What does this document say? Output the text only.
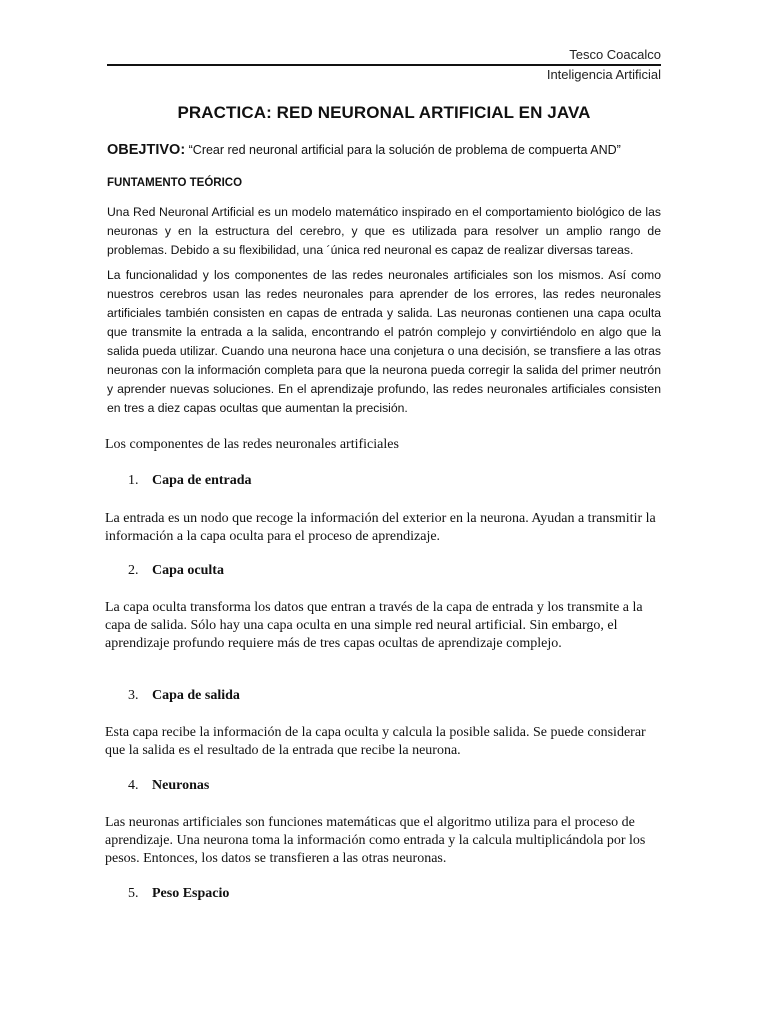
Tesco Coacalco
Inteligencia Artificial
PRACTICA: RED NEURONAL ARTIFICIAL EN JAVA
OBEJTIVO: “Crear red neuronal artificial para la solución de problema de compuerta AND”
FUNTAMENTO TEÓRICO

Una Red Neuronal Artificial es un modelo matemático inspirado en el comportamiento biológico de las neuronas y en la estructura del cerebro, y que es utilizada para resolver un amplio rango de problemas. Debido a su flexibilidad, una ´única red neuronal es capaz de realizar diversas tareas.

La funcionalidad y los componentes de las redes neuronales artificiales son los mismos. Así como nuestros cerebros usan las redes neuronales para aprender de los errores, las redes neuronales artificiales también consisten en capas de entrada y salida. Las neuronas contienen una capa oculta que transmite la entrada a la salida, encontrando el patrón complejo y convirtiéndolo en algo que la salida pueda utilizar. Cuando una neurona hace una conjetura o una decisión, se transfiere a las otras neuronas con la información completa para que la neurona pueda corregir la salida del primer neutrón y aprender nuevas soluciones. En el aprendizaje profundo, las redes neuronales artificiales consisten en tres a diez capas ocultas que aumentan la precisión.

Los componentes de las redes neuronales artificiales

1. Capa de entrada

La entrada es un nodo que recoge la información del exterior en la neurona. Ayudan a transmitir la información a la capa oculta para el proceso de aprendizaje.

2. Capa oculta

La capa oculta transforma los datos que entran a través de la capa de entrada y los transmite a la capa de salida. Sólo hay una capa oculta en una simple red neural artificial. Sin embargo, el aprendizaje profundo requiere más de tres capas ocultas de aprendizaje complejo.

3. Capa de salida

Esta capa recibe la información de la capa oculta y calcula la posible salida. Se puede considerar que la salida es el resultado de la entrada que recibe la neurona.

4. Neuronas

Las neuronas artificiales son funciones matemáticas que el algoritmo utiliza para el proceso de aprendizaje. Una neurona toma la información como entrada y la calcula multiplicándola por los pesos. Entonces, los datos se transfieren a las otras neuronas.

5. Peso Espacio
